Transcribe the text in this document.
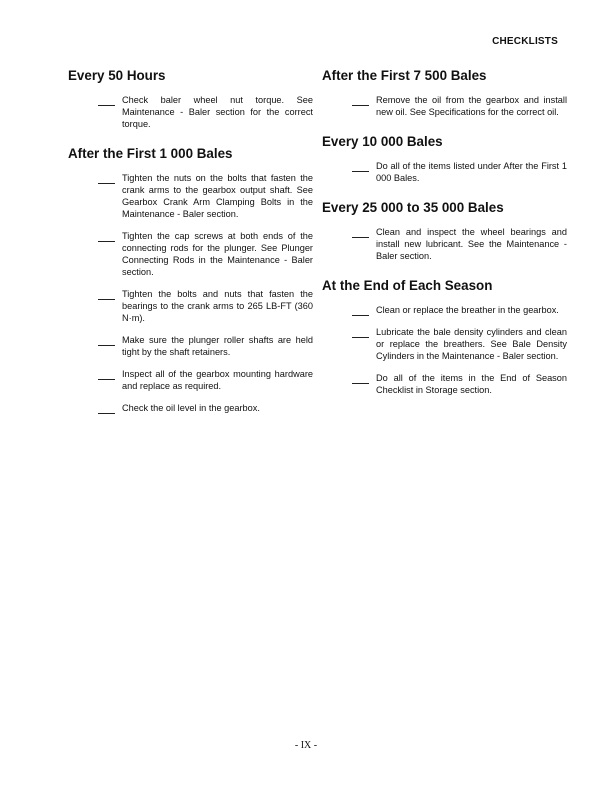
CHECKLISTS
Every 50 Hours
Check baler wheel nut torque. See Maintenance - Baler section for the correct torque.
After the First 1 000 Bales
Tighten the nuts on the bolts that fasten the crank arms to the gearbox output shaft. See Gearbox Crank Arm Clamping Bolts in the Maintenance - Baler section.
Tighten the cap screws at both ends of the connecting rods for the plunger. See Plunger Connecting Rods in the Maintenance - Baler section.
Tighten the bolts and nuts that fasten the bearings to the crank arms to 265 LB-FT (360 N·m).
Make sure the plunger roller shafts are held tight by the shaft retainers.
Inspect all of the gearbox mounting hardware and replace as required.
Check the oil level in the gearbox.
After the First 7 500 Bales
Remove the oil from the gearbox and install new oil. See Specifications for the correct oil.
Every 10 000 Bales
Do all of the items listed under After the First 1 000 Bales.
Every 25 000 to 35 000 Bales
Clean and inspect the wheel bearings and install new lubricant. See the Maintenance - Baler section.
At the End of Each Season
Clean or replace the breather in the gearbox.
Lubricate the bale density cylinders and clean or replace the breathers. See Bale Density Cylinders in the Maintenance - Baler section.
Do all of the items in the End of Season Checklist in Storage section.
- IX -
